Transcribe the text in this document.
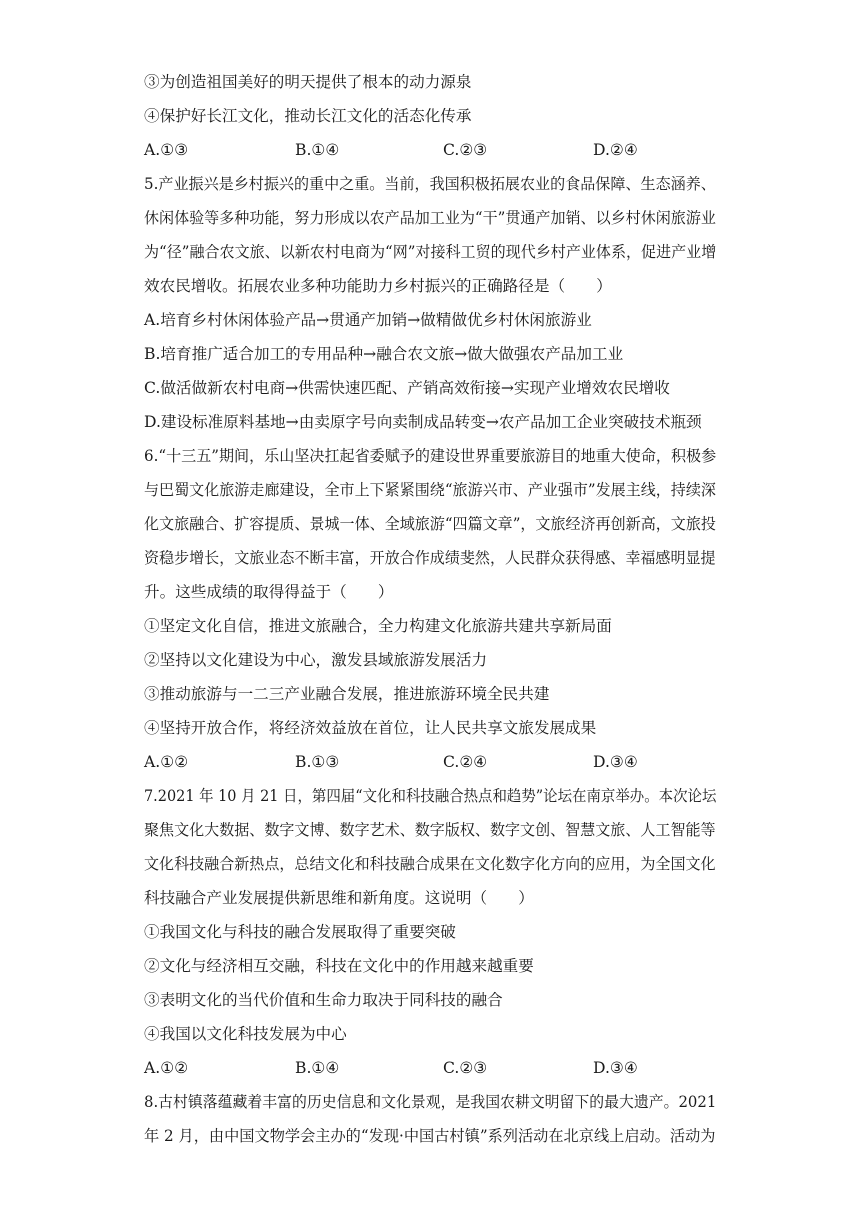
③为创造祖国美好的明天提供了根本的动力源泉
④保护好长江文化，推动长江文化的活态化传承
A.①③	B.①④	C.②③	D.②④
5.产业振兴是乡村振兴的重中之重。当前，我国积极拓展农业的食品保障、生态涵养、
休闲体验等多种功能，努力形成以农产品加工业为“干”贯通产加销、以乡村休闲旅游业
为“径”融合农文旅、以新农村电商为“网”对接科工贸的现代乡村产业体系，促进产业增
效农民增收。拓展农业多种功能助力乡村振兴的正确路径是（　　）
A.培育乡村休闲体验产品→贯通产加销→做精做优乡村休闲旅游业
B.培育推广适合加工的专用品种→融合农文旅→做大做强农产品加工业
C.做活做新农村电商→供需快速匹配、产销高效衔接→实现产业增效农民增收
D.建设标准原料基地→由卖原字号向卖制成品转变→农产品加工企业突破技术瓶颈
6.“十三五”期间，乐山坚决扛起省委赋予的建设世界重要旅游目的地重大使命，积极参
与巴蜀文化旅游走廊建设，全市上下紧紧围绕“旅游兴市、产业强市”发展主线，持续深
化文旅融合、扩容提质、景城一体、全域旅游“四篇文章”，文旅经济再创新高，文旅投
资稳步增长，文旅业态不断丰富，开放合作成绩斐然，人民群众获得感、幸福感明显提
升。这些成绩的取得得益于（　　）
①坚定文化自信，推进文旅融合，全力构建文化旅游共建共享新局面
②坚持以文化建设为中心，激发县域旅游发展活力
③推动旅游与一二三产业融合发展，推进旅游环境全民共建
④坚持开放合作，将经济效益放在首位，让人民共享文旅发展成果
A.①②	B.①③	C.②④	D.③④
7.2021 年 10 月 21 日，第四届“文化和科技融合热点和趋势”论坛在南京举办。本次论坛
聚焦文化大数据、数字文博、数字艺术、数字版权、数字文创、智慧文旅、人工智能等
文化科技融合新热点，总结文化和科技融合成果在文化数字化方向的应用，为全国文化
科技融合产业发展提供新思维和新角度。这说明（　　）
①我国文化与科技的融合发展取得了重要突破
②文化与经济相互交融，科技在文化中的作用越来越重要
③表明文化的当代价值和生命力取决于同科技的融合
④我国以文化科技发展为中心
A.①②	B.①④	C.②③	D.③④
8.古村镇落蕴藏着丰富的历史信息和文化景观，是我国农耕文明留下的最大遗产。2021
年 2 月，由中国文物学会主办的“发现·中国古村镇”系列活动在北京线上启动。活动为
